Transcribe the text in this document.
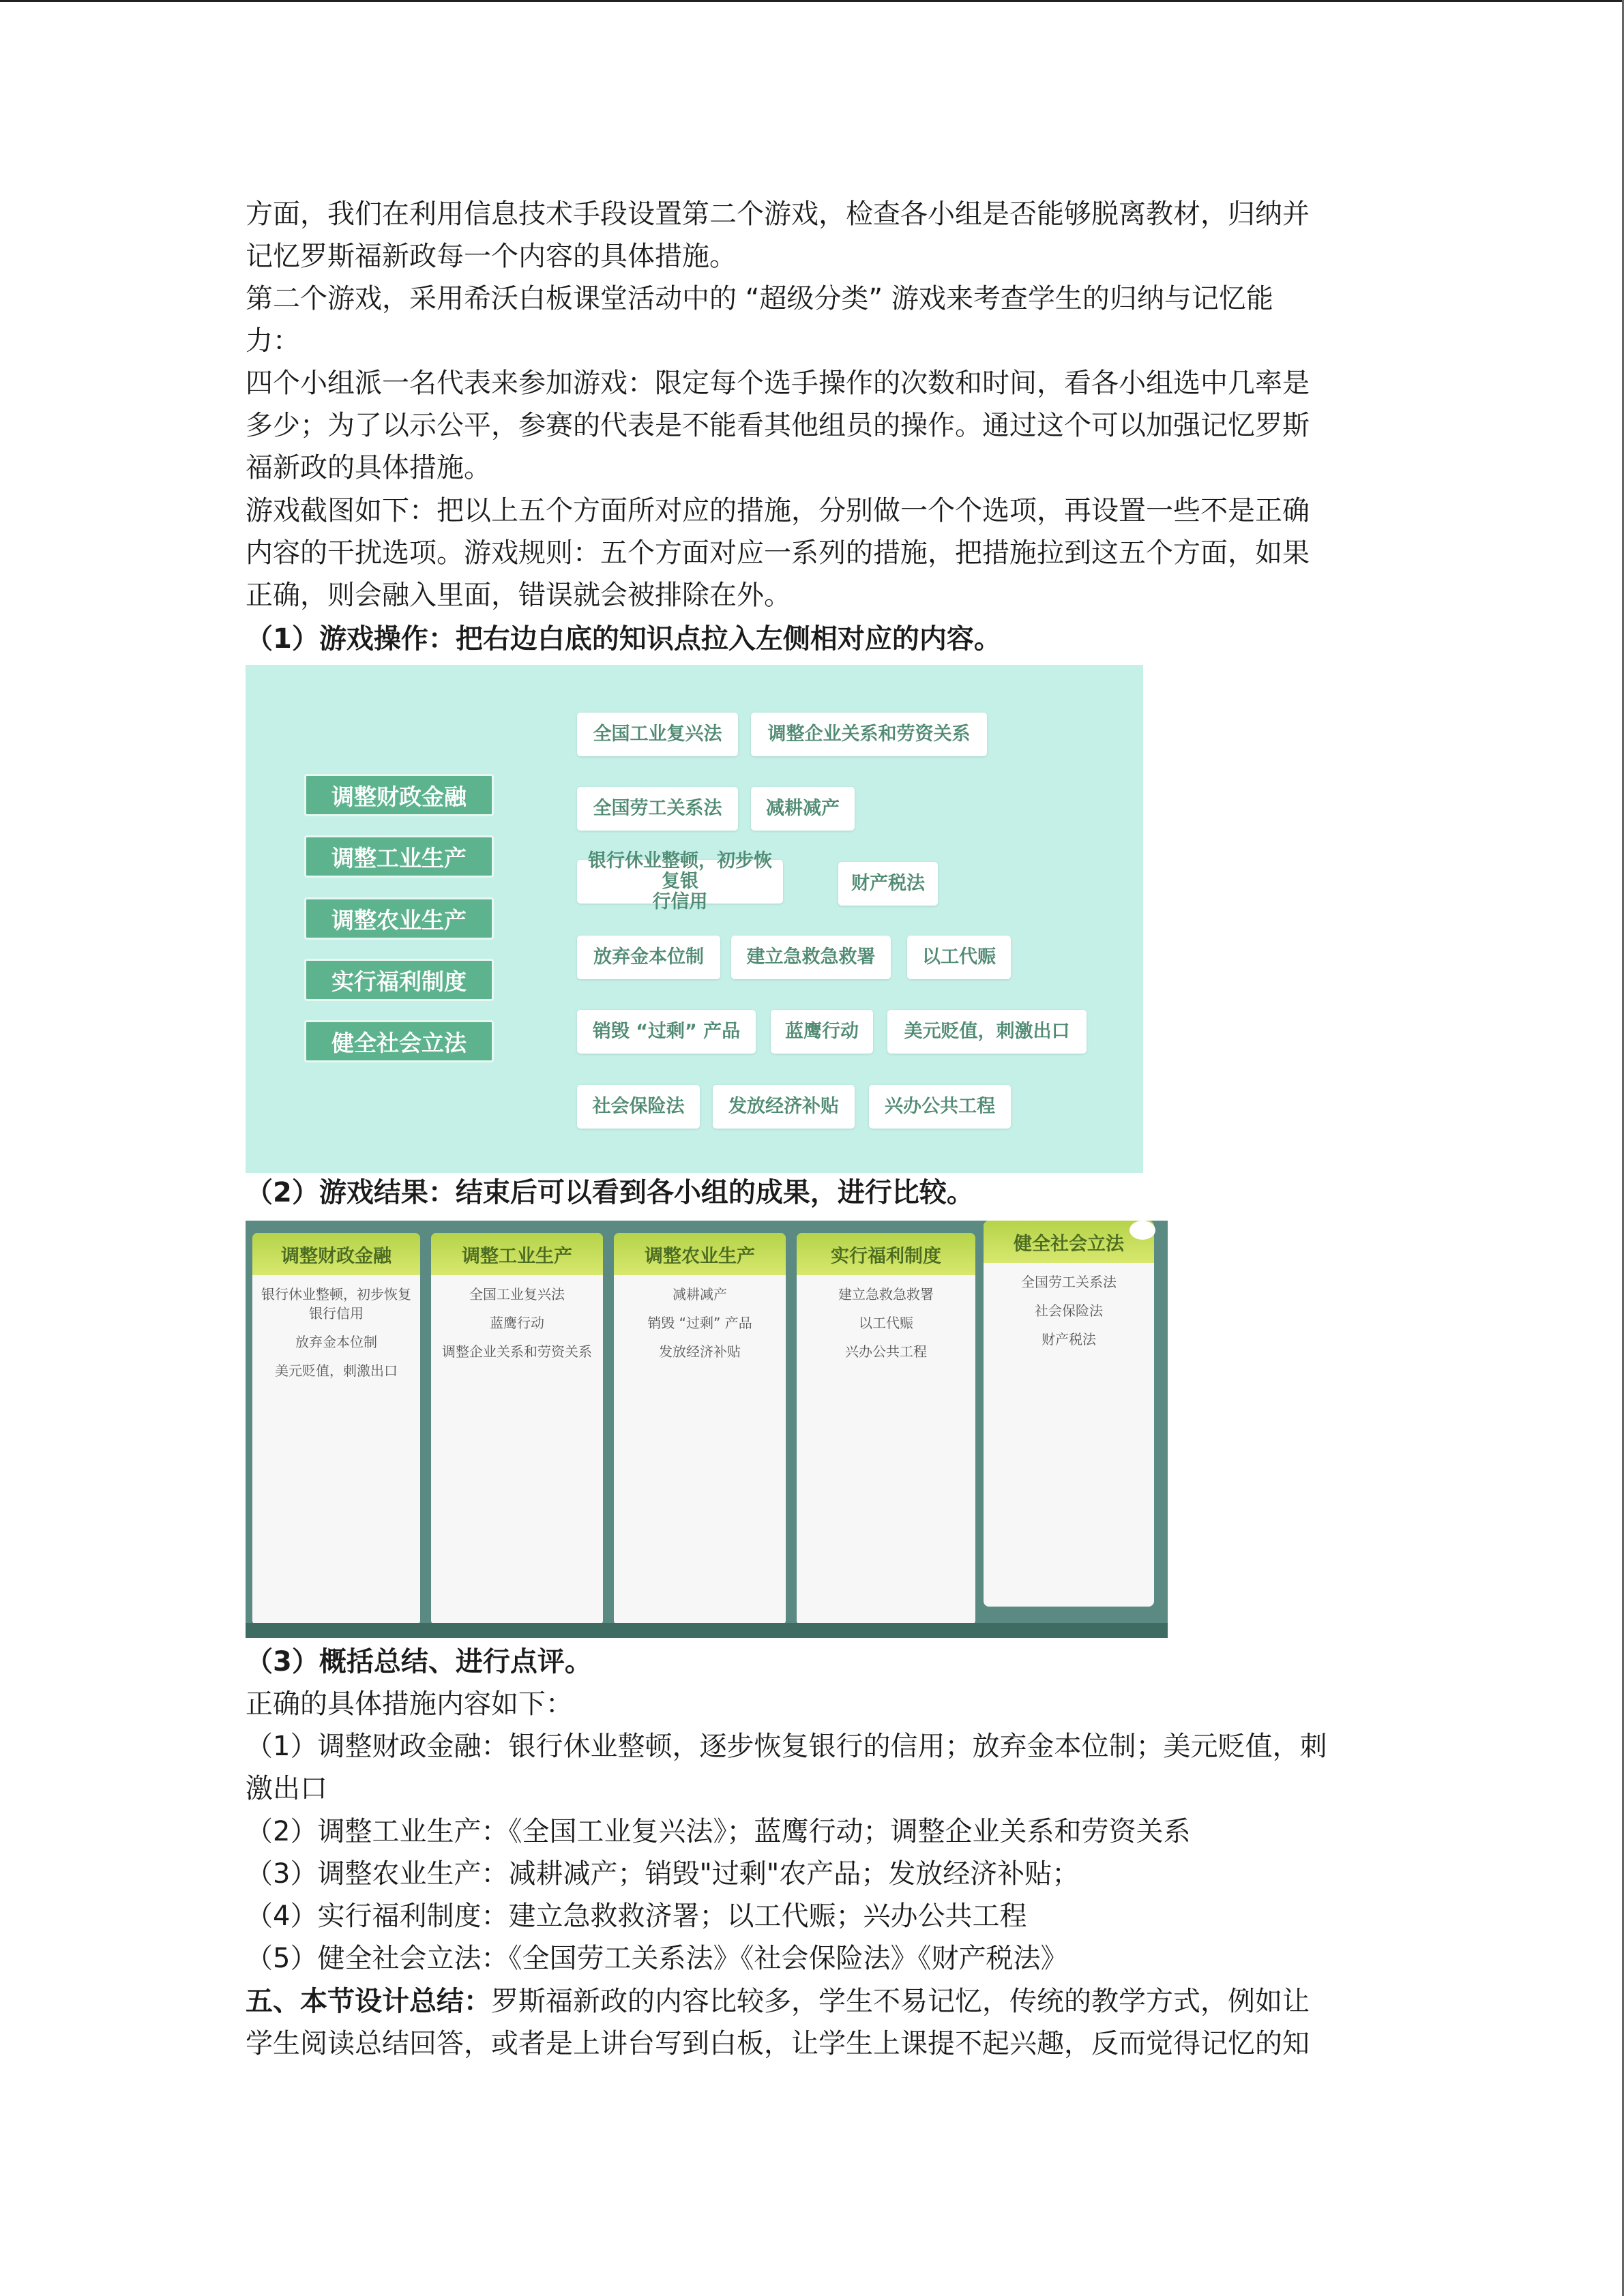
方面，我们在利用信息技术手段设置第二个游戏，检查各小组是否能够脱离教材，归纳并
记忆罗斯福新政每一个内容的具体措施。
第二个游戏，采用希沃白板课堂活动中的 “超级分类” 游戏来考查学生的归纳与记忆能
力：
四个小组派一名代表来参加游戏：限定每个选手操作的次数和时间，看各小组选中几率是
多少；为了以示公平，参赛的代表是不能看其他组员的操作。通过这个可以加强记忆罗斯
福新政的具体措施。
游戏截图如下：把以上五个方面所对应的措施，分别做一个个选项，再设置一些不是正确
内容的干扰选项。游戏规则：五个方面对应一系列的措施，把措施拉到这五个方面，如果
正确，则会融入里面，错误就会被排除在外。
（1）游戏操作：把右边白底的知识点拉入左侧相对应的内容。
调整财政金融
调整工业生产
调整农业生产
实行福利制度
健全社会立法
全国工业复兴法	调整企业关系和劳资关系
全国劳工关系法	减耕减产
银行休业整顿，初步恢复银
行信用
财产税法
放弃金本位制	建立急救急救署	以工代赈
销毁 “过剩” 产品	蓝鹰行动	美元贬值，刺激出口
社会保险法	发放经济补贴	兴办公共工程
（2）游戏结果：结束后可以看到各小组的成果，进行比较。
调整财政金融
银行休业整顿，初步恢复银行信用
放弃金本位制
美元贬值，刺激出口
调整工业生产
全国工业复兴法
蓝鹰行动
调整企业关系和劳资关系
调整农业生产
减耕减产
销毁 “过剩” 产品
发放经济补贴
实行福利制度
建立急救急救署
以工代赈
兴办公共工程
健全社会立法
全国劳工关系法
社会保险法
财产税法
（3）概括总结、进行点评。
正确的具体措施内容如下：
（1）调整财政金融：银行休业整顿，逐步恢复银行的信用；放弃金本位制；美元贬值，刺
激出口
（2）调整工业生产：《全国工业复兴法》；蓝鹰行动；调整企业关系和劳资关系
（3）调整农业生产：减耕减产；销毁"过剩"农产品；发放经济补贴；
（4）实行福利制度：建立急救救济署；以工代赈；兴办公共工程
（5）健全社会立法：《全国劳工关系法》《社会保险法》《财产税法》
五、本节设计总结：罗斯福新政的内容比较多，学生不易记忆，传统的教学方式，例如让
学生阅读总结回答，或者是上讲台写到白板，让学生上课提不起兴趣，反而觉得记忆的知
